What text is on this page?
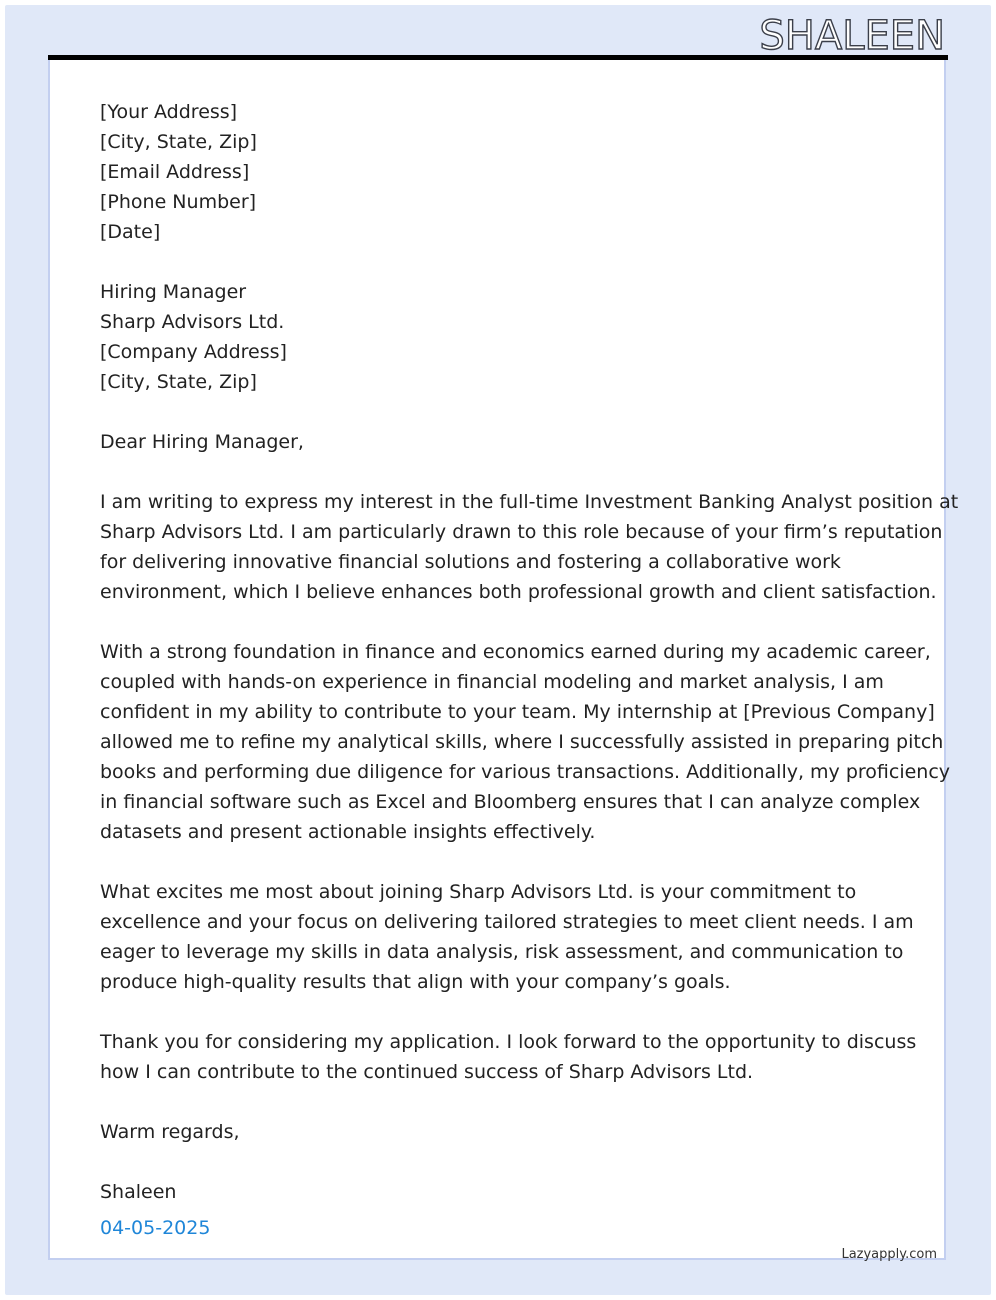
SHALEEN
[Your Address]
[City, State, Zip]
[Email Address]
[Phone Number]
[Date]
Hiring Manager
Sharp Advisors Ltd.
[Company Address]
[City, State, Zip]
Dear Hiring Manager,
I am writing to express my interest in the full-time Investment Banking Analyst position at
Sharp Advisors Ltd. I am particularly drawn to this role because of your firm’s reputation
for delivering innovative financial solutions and fostering a collaborative work
environment, which I believe enhances both professional growth and client satisfaction.
With a strong foundation in finance and economics earned during my academic career,
coupled with hands-on experience in financial modeling and market analysis, I am
confident in my ability to contribute to your team. My internship at [Previous Company]
allowed me to refine my analytical skills, where I successfully assisted in preparing pitch
books and performing due diligence for various transactions. Additionally, my proficiency
in financial software such as Excel and Bloomberg ensures that I can analyze complex
datasets and present actionable insights effectively.
What excites me most about joining Sharp Advisors Ltd. is your commitment to
excellence and your focus on delivering tailored strategies to meet client needs. I am
eager to leverage my skills in data analysis, risk assessment, and communication to
produce high-quality results that align with your company’s goals.
Thank you for considering my application. I look forward to the opportunity to discuss
how I can contribute to the continued success of Sharp Advisors Ltd.
Warm regards,
Shaleen
04-05-2025
Lazyapply.com
